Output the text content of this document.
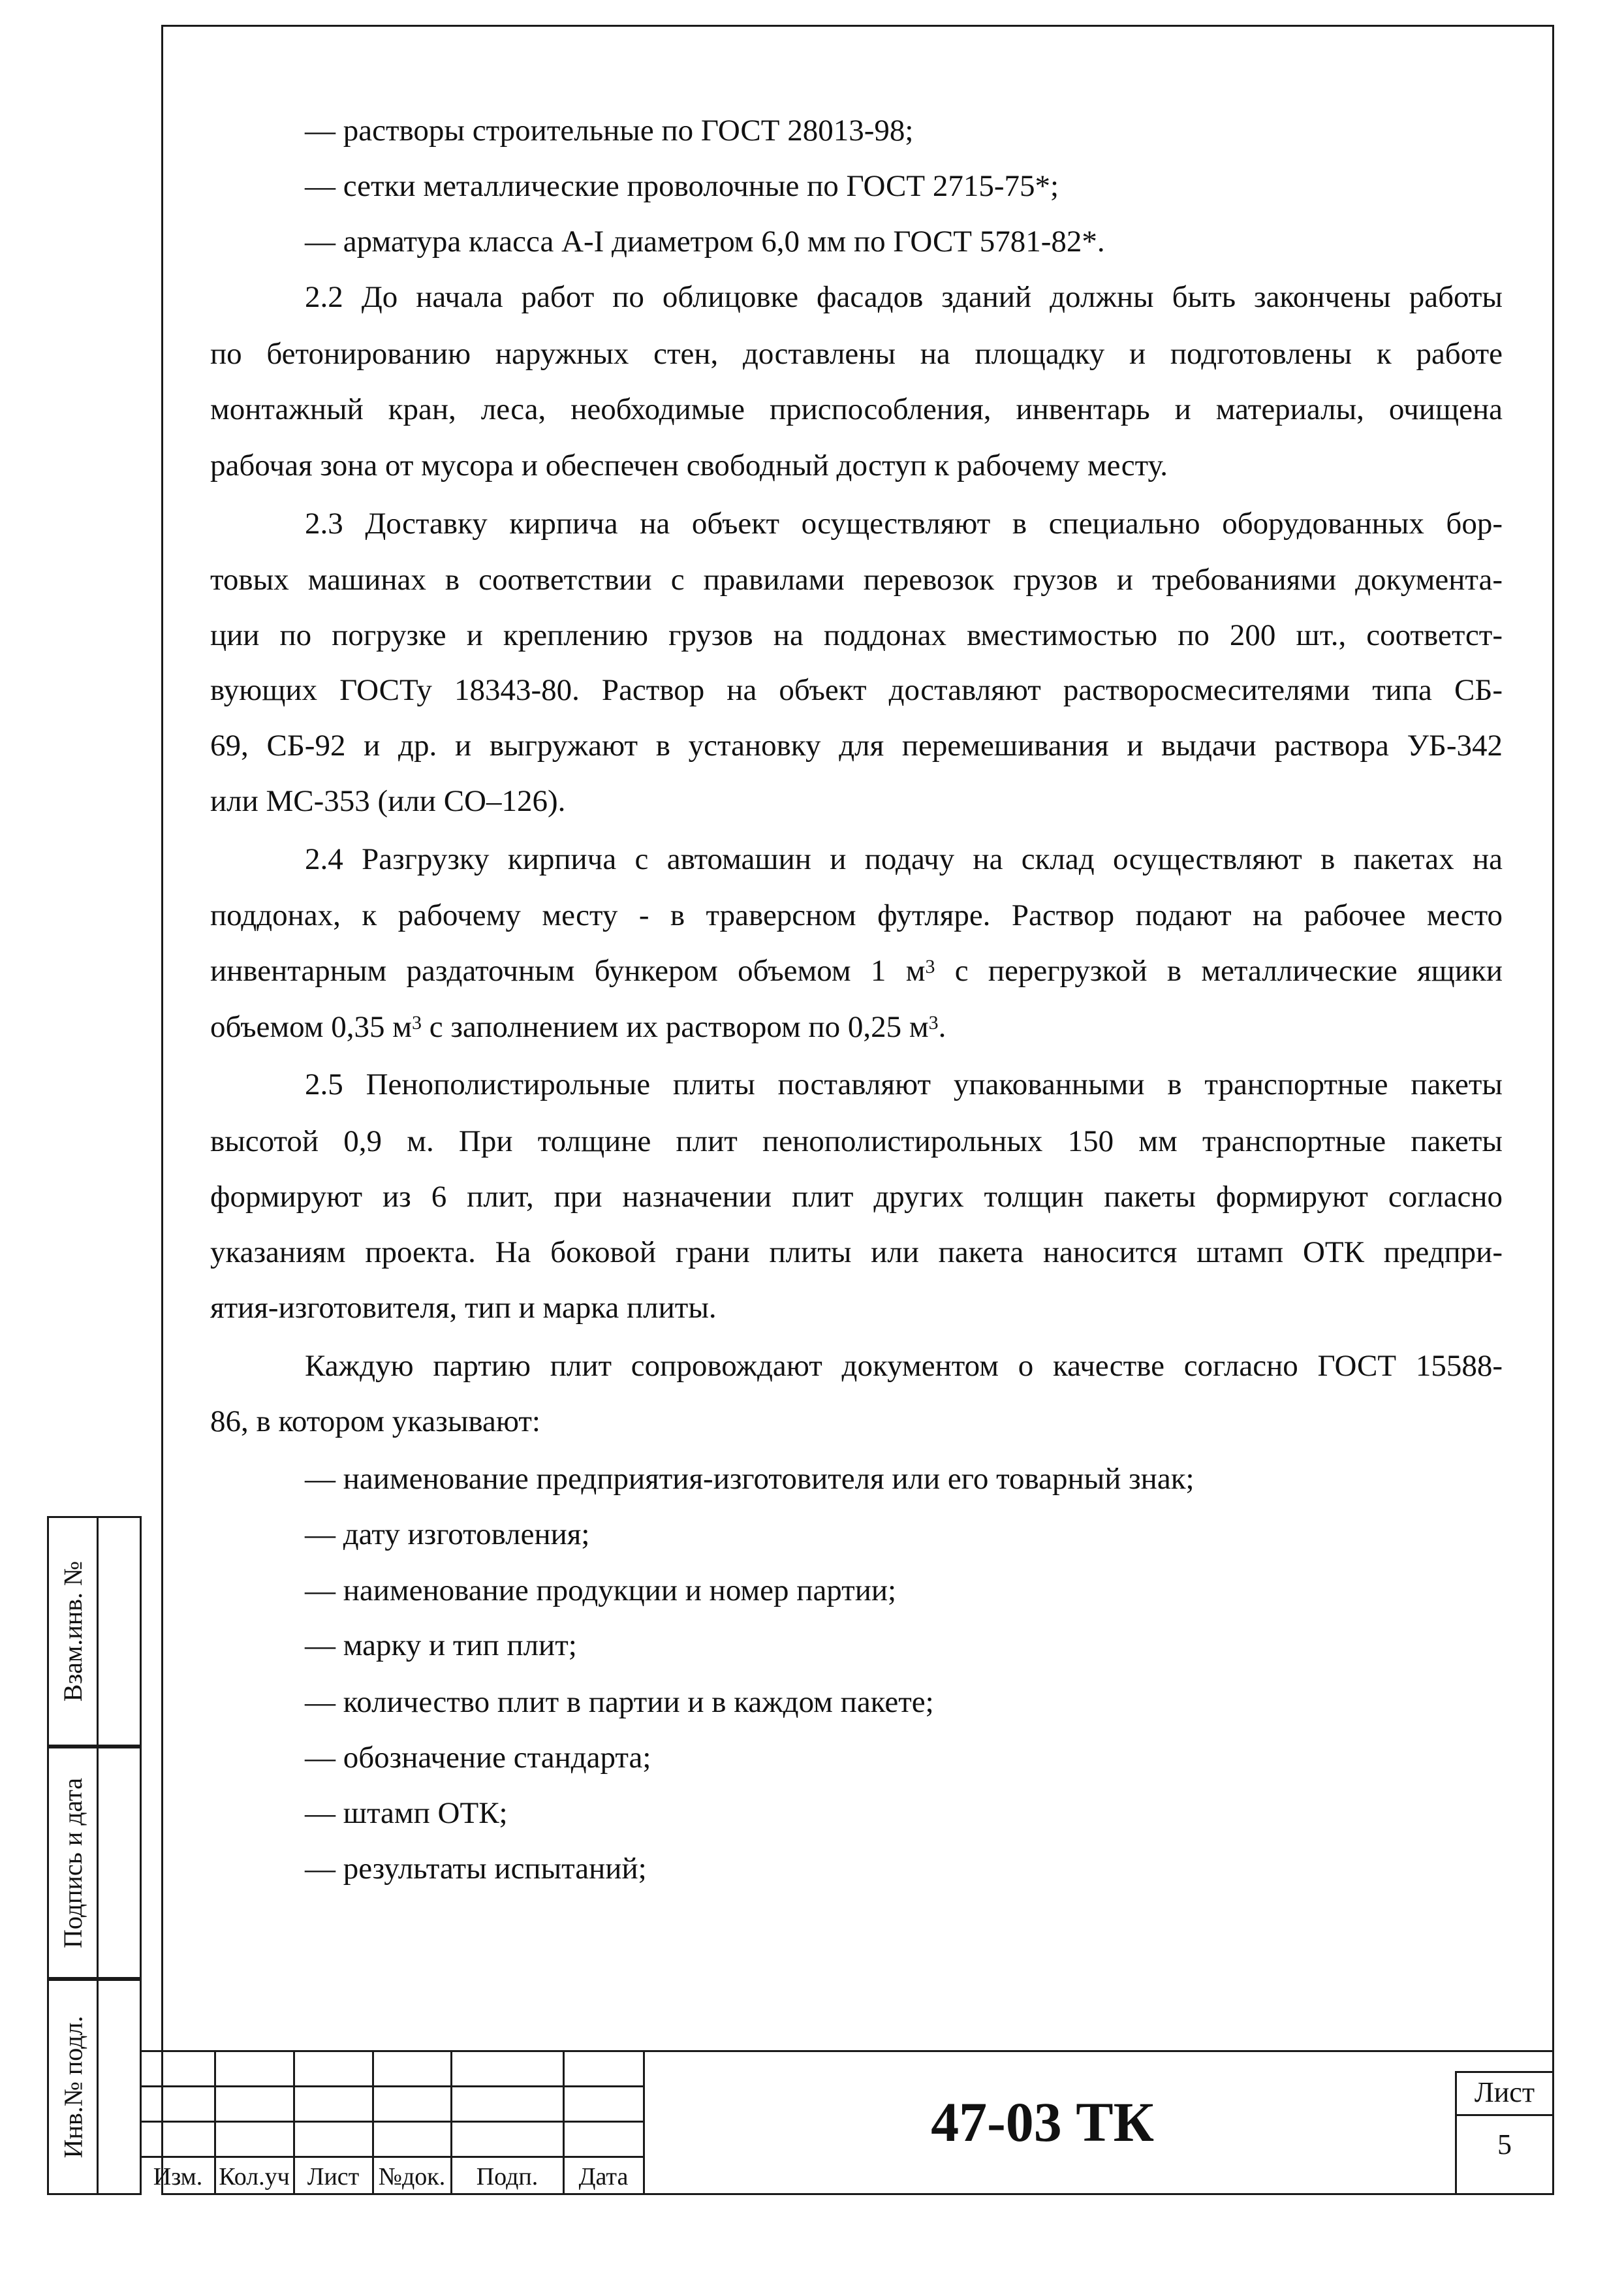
Взам.инв. №
Подпись и дата
Инв.№ подл.
— растворы строительные по ГОСТ 28013-98;
— сетки металлические проволочные по ГОСТ 2715-75*;
— арматура класса А-I диаметром 6,0 мм по ГОСТ 5781-82*.
2.2 До начала работ по облицовке фасадов зданий должны быть закончены работы
по бетонированию наружных стен, доставлены на площадку и подготовлены к работе
монтажный кран, леса, необходимые приспособления, инвентарь и материалы, очищена
рабочая зона от мусора и обеспечен свободный доступ к рабочему месту.
2.3 Доставку кирпича на объект осуществляют в специально оборудованных бор-
товых машинах в соответствии с правилами перевозок грузов и требованиями документа-
ции по погрузке и креплению грузов на поддонах вместимостью по 200 шт., соответст-
вующих ГОСТу 18343-80. Раствор на объект доставляют растворосмесителями типа СБ-
69, СБ-92 и др. и выгружают в установку для перемешивания и выдачи раствора УБ-342
или МС-353 (или СО–126).
2.4 Разгрузку кирпича с автомашин и подачу на склад осуществляют в пакетах на
поддонах, к рабочему месту - в траверсном футляре. Раствор подают на рабочее место
инвентарным раздаточным бункером объемом 1 $м^3$ с перегрузкой в металлические ящики
объемом 0,35 $м^3$ с заполнением их раствором по 0,25 $м^3$.
2.5 Пенополистирольные плиты поставляют упакованными в транспортные пакеты
высотой 0,9 м. При толщине плит пенополистирольных 150 мм транспортные пакеты
формируют из 6 плит, при назначении плит других толщин пакеты формируют согласно
указаниям проекта. На боковой грани плиты или пакета наносится штамп ОТК предпри-
ятия-изготовителя, тип и марка плиты.
Каждую партию плит сопровождают документом о качестве согласно ГОСТ 15588-
86, в котором указывают:
— наименование предприятия-изготовителя или его товарный знак;
— дату изготовления;
— наименование продукции и номер партии;
— марку и тип плит;
— количество плит в партии и в каждом пакете;
— обозначение стандарта;
— штамп ОТК;
— результаты испытаний;
Изм. Кол.уч Лист №док.	Подп.	Дата
47-03 ТК	Лист
5
